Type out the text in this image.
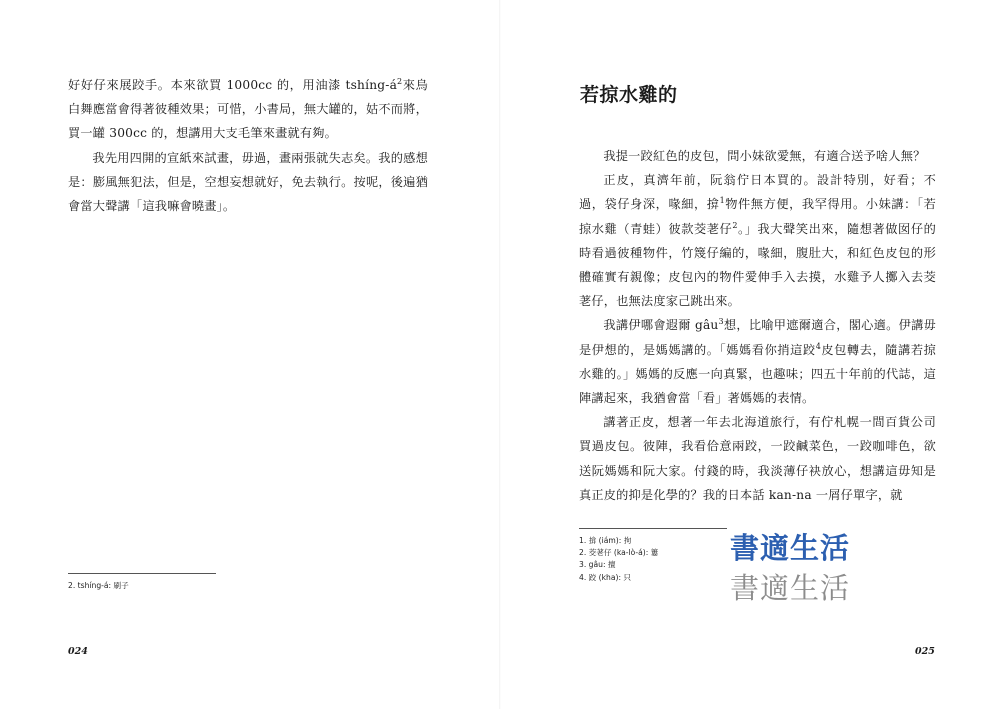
好好仔來展跤手。本來欲買 1000cc 的，用油漆 tshíng-$á^2$來烏白舞應當會得著彼種效果；可惜，小書局，無大罐的，姑不而將，買一罐 300cc 的，想講用大支毛筆來畫就有夠。

我先用四開的宣紙來試畫，毋過，畫兩張就失志矣。我的感想是：膨風無犯法，但是，空想妄想就好，免去執行。按呢，後遍猶會當大聲講「這我嘛會曉畫」。

2. tshíng-á: 刷子
024
若掠水雞的

我提一跤紅色的皮包，問小妹欲愛無，有適合送予啥人無？

正皮，真濟年前，阮翁佇日本買的。設計特別，好看；不過，袋仔身深，喙細，揜$^1$物件無方便，我罕得用。小妹講：「若掠水雞（青蛙）彼款茭荖仔$^2$。」我大聲笑出來，隨想著做囡仔的時看過彼種物件，竹篾仔編的，喙細，腹肚大，和紅色皮包的形體確實有親像；皮包內的物件愛伸手入去摸，水雞予人擲入去茭荖仔，也無法度家己跳出來。

我講伊哪會遐爾 gâu$^3$想，比喻甲遮爾適合，閣心適。伊講毋是伊想的，是媽媽講的。「媽媽看你捎這跤$^4$皮包轉去，隨講若掠水雞的。」媽媽的反應一向真緊，也趣味；四五十年前的代誌，這陣講起來，我猶會當「看」著媽媽的表情。

講著正皮，想著一年去北海道旅行，有佇札幌一間百貨公司買過皮包。彼陣，我看佮意兩跤，一跤鹹菜色，一跤咖啡色，欲送阮媽媽和阮大家。付錢的時，我淡薄仔袂放心，想講這毋知是真正皮的抑是化學的？我的日本話 kan-na 一屑仔單字，就

1. 揜 (iám): 拘
2. 茭荖仔 (ka-lò-á): 簍
3. gâu: 擅
4. 跤 (kha): 只
書適生活
書適生活
025
